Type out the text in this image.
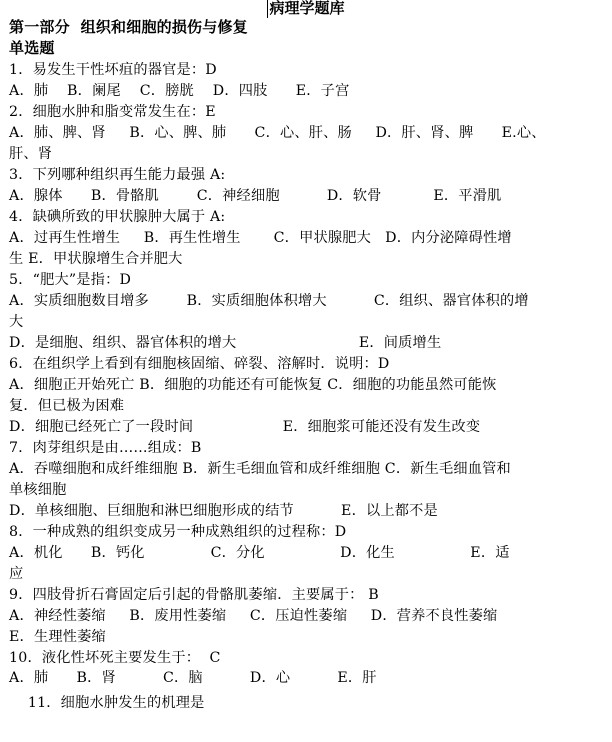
病理学题库
第一部分  组织和细胞的损伤与修复
单选题
1．易发生干性坏疽的器官是：D
A．肺    B．阑尾    C．膀胱    D．四肢      E．子宫
2．细胞水肿和脂变常发生在：E
A．肺、脾、肾     B．心、脾、肺      C．心、肝、肠     D．肝、肾、脾      E.心、
肝、肾
3．下列哪种组织再生能力最强 A:
A．腺体      B．骨骼肌        C．神经细胞          D．软骨           E．平滑肌
4．缺碘所致的甲状腺肿大属于 A:
A．过再生性增生     B．再生性增生       C．甲状腺肥大   D．内分泌障碍性增
生 E．甲状腺增生合并肥大
5．“肥大”是指：D
A．实质细胞数目增多        B．实质细胞体积增大          C．组织、器官体积的增
大
D．是细胞、组织、器官体积的增大                          E．间质增生
6．在组织学上看到有细胞核固缩、碎裂、溶解时．说明：D
A．细胞正开始死亡 B．细胞的功能还有可能恢复 C．细胞的功能虽然可能恢
复．但已极为困难
D．细胞已经死亡了一段时间                   E．细胞浆可能还没有发生改变
7．肉芽组织是由……组成：B
A．吞噬细胞和成纤维细胞 B．新生毛细血管和成纤维细胞 C．新生毛细血管和
单核细胞
D．单核细胞、巨细胞和淋巴细胞形成的结节          E．以上都不是
8．一种成熟的组织变成另一种成熟组织的过程称：D
A．机化      B．钙化              C．分化                D．化生                E．适
应
9．四肢骨折石膏固定后引起的骨骼肌萎缩．主要属于： B
A．神经性萎缩     B．废用性萎缩     C．压迫性萎缩     D．营养不良性萎缩
E．生理性萎缩
10．液化性坏死主要发生于：  C
A．肺      B．肾          C．脑          D．心          E．肝

11．细胞水肿发生的机理是
